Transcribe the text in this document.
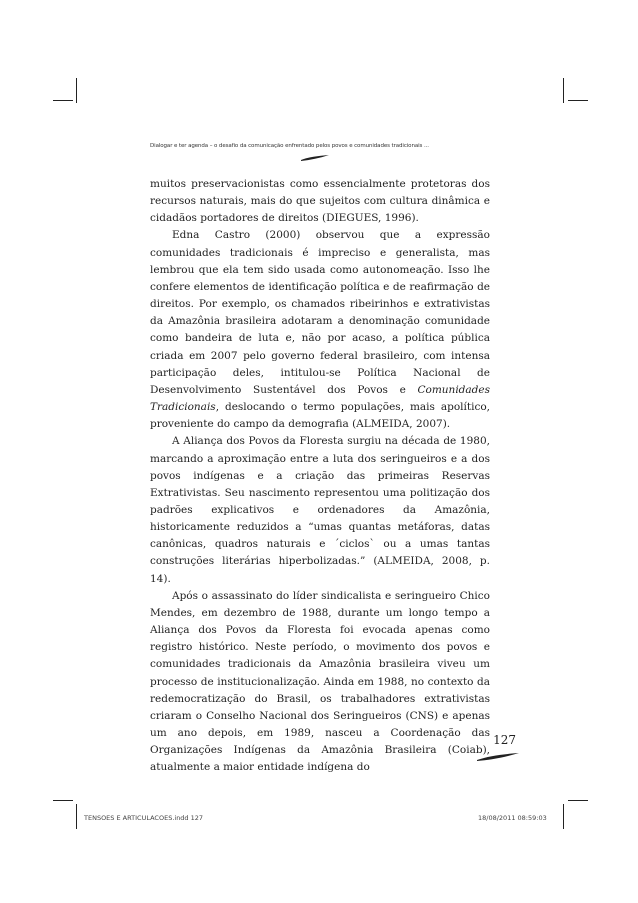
Dialogar e ter agenda – o desafio da comunicação enfrentado pelos povos e comunidades tradicionais ...

muitos preservacionistas como essencialmente protetoras dos recursos naturais, mais do que sujeitos com cultura dinâmica e cidadãos portadores de direitos (DIEGUES, 1996).

Edna Castro (2000) observou que a expressão comunidades tradicionais é impreciso e generalista, mas lembrou que ela tem sido usada como autonomeação. Isso lhe confere elementos de identificação política e de reafirmação de direitos. Por exemplo, os chamados ribeirinhos e extrativistas da Amazônia brasileira adotaram a denominação comunidade como bandeira de luta e, não por acaso, a política pública criada em 2007 pelo governo federal brasileiro, com intensa participação deles, intitulou-se Política Nacional de Desenvolvimento Sustentável dos Povos e Comunidades Tradicionais, deslocando o termo populações, mais apolítico, proveniente do campo da demografia (ALMEIDA, 2007).

A Aliança dos Povos da Floresta surgiu na década de 1980, marcando a aproximação entre a luta dos seringueiros e a dos povos indígenas e a criação das primeiras Reservas Extrativistas. Seu nascimento representou uma politização dos padrões explicativos e ordenadores da Amazônia, historicamente reduzidos a “umas quantas metáforas, datas canônicas, quadros naturais e ´ciclos` ou a umas tantas construções literárias hiperbolizadas.” (ALMEIDA, 2008, p. 14).

Após o assassinato do líder sindicalista e seringueiro Chico Mendes, em dezembro de 1988, durante um longo tempo a Aliança dos Povos da Floresta foi evocada apenas como registro histórico. Neste período, o movimento dos povos e comunidades tradicionais da Amazônia brasileira viveu um processo de institucionalização. Ainda em 1988, no contexto da redemocratização do Brasil, os trabalhadores extrativistas criaram o Conselho Nacional dos Seringueiros (CNS) e apenas um ano depois, em 1989, nasceu a Coordenação das Organizações Indígenas da Amazônia Brasileira (Coiab), atualmente a maior entidade indígena do

127
TENSOES E ARTICULACOES.indd 127	18/08/2011 08:59:03
